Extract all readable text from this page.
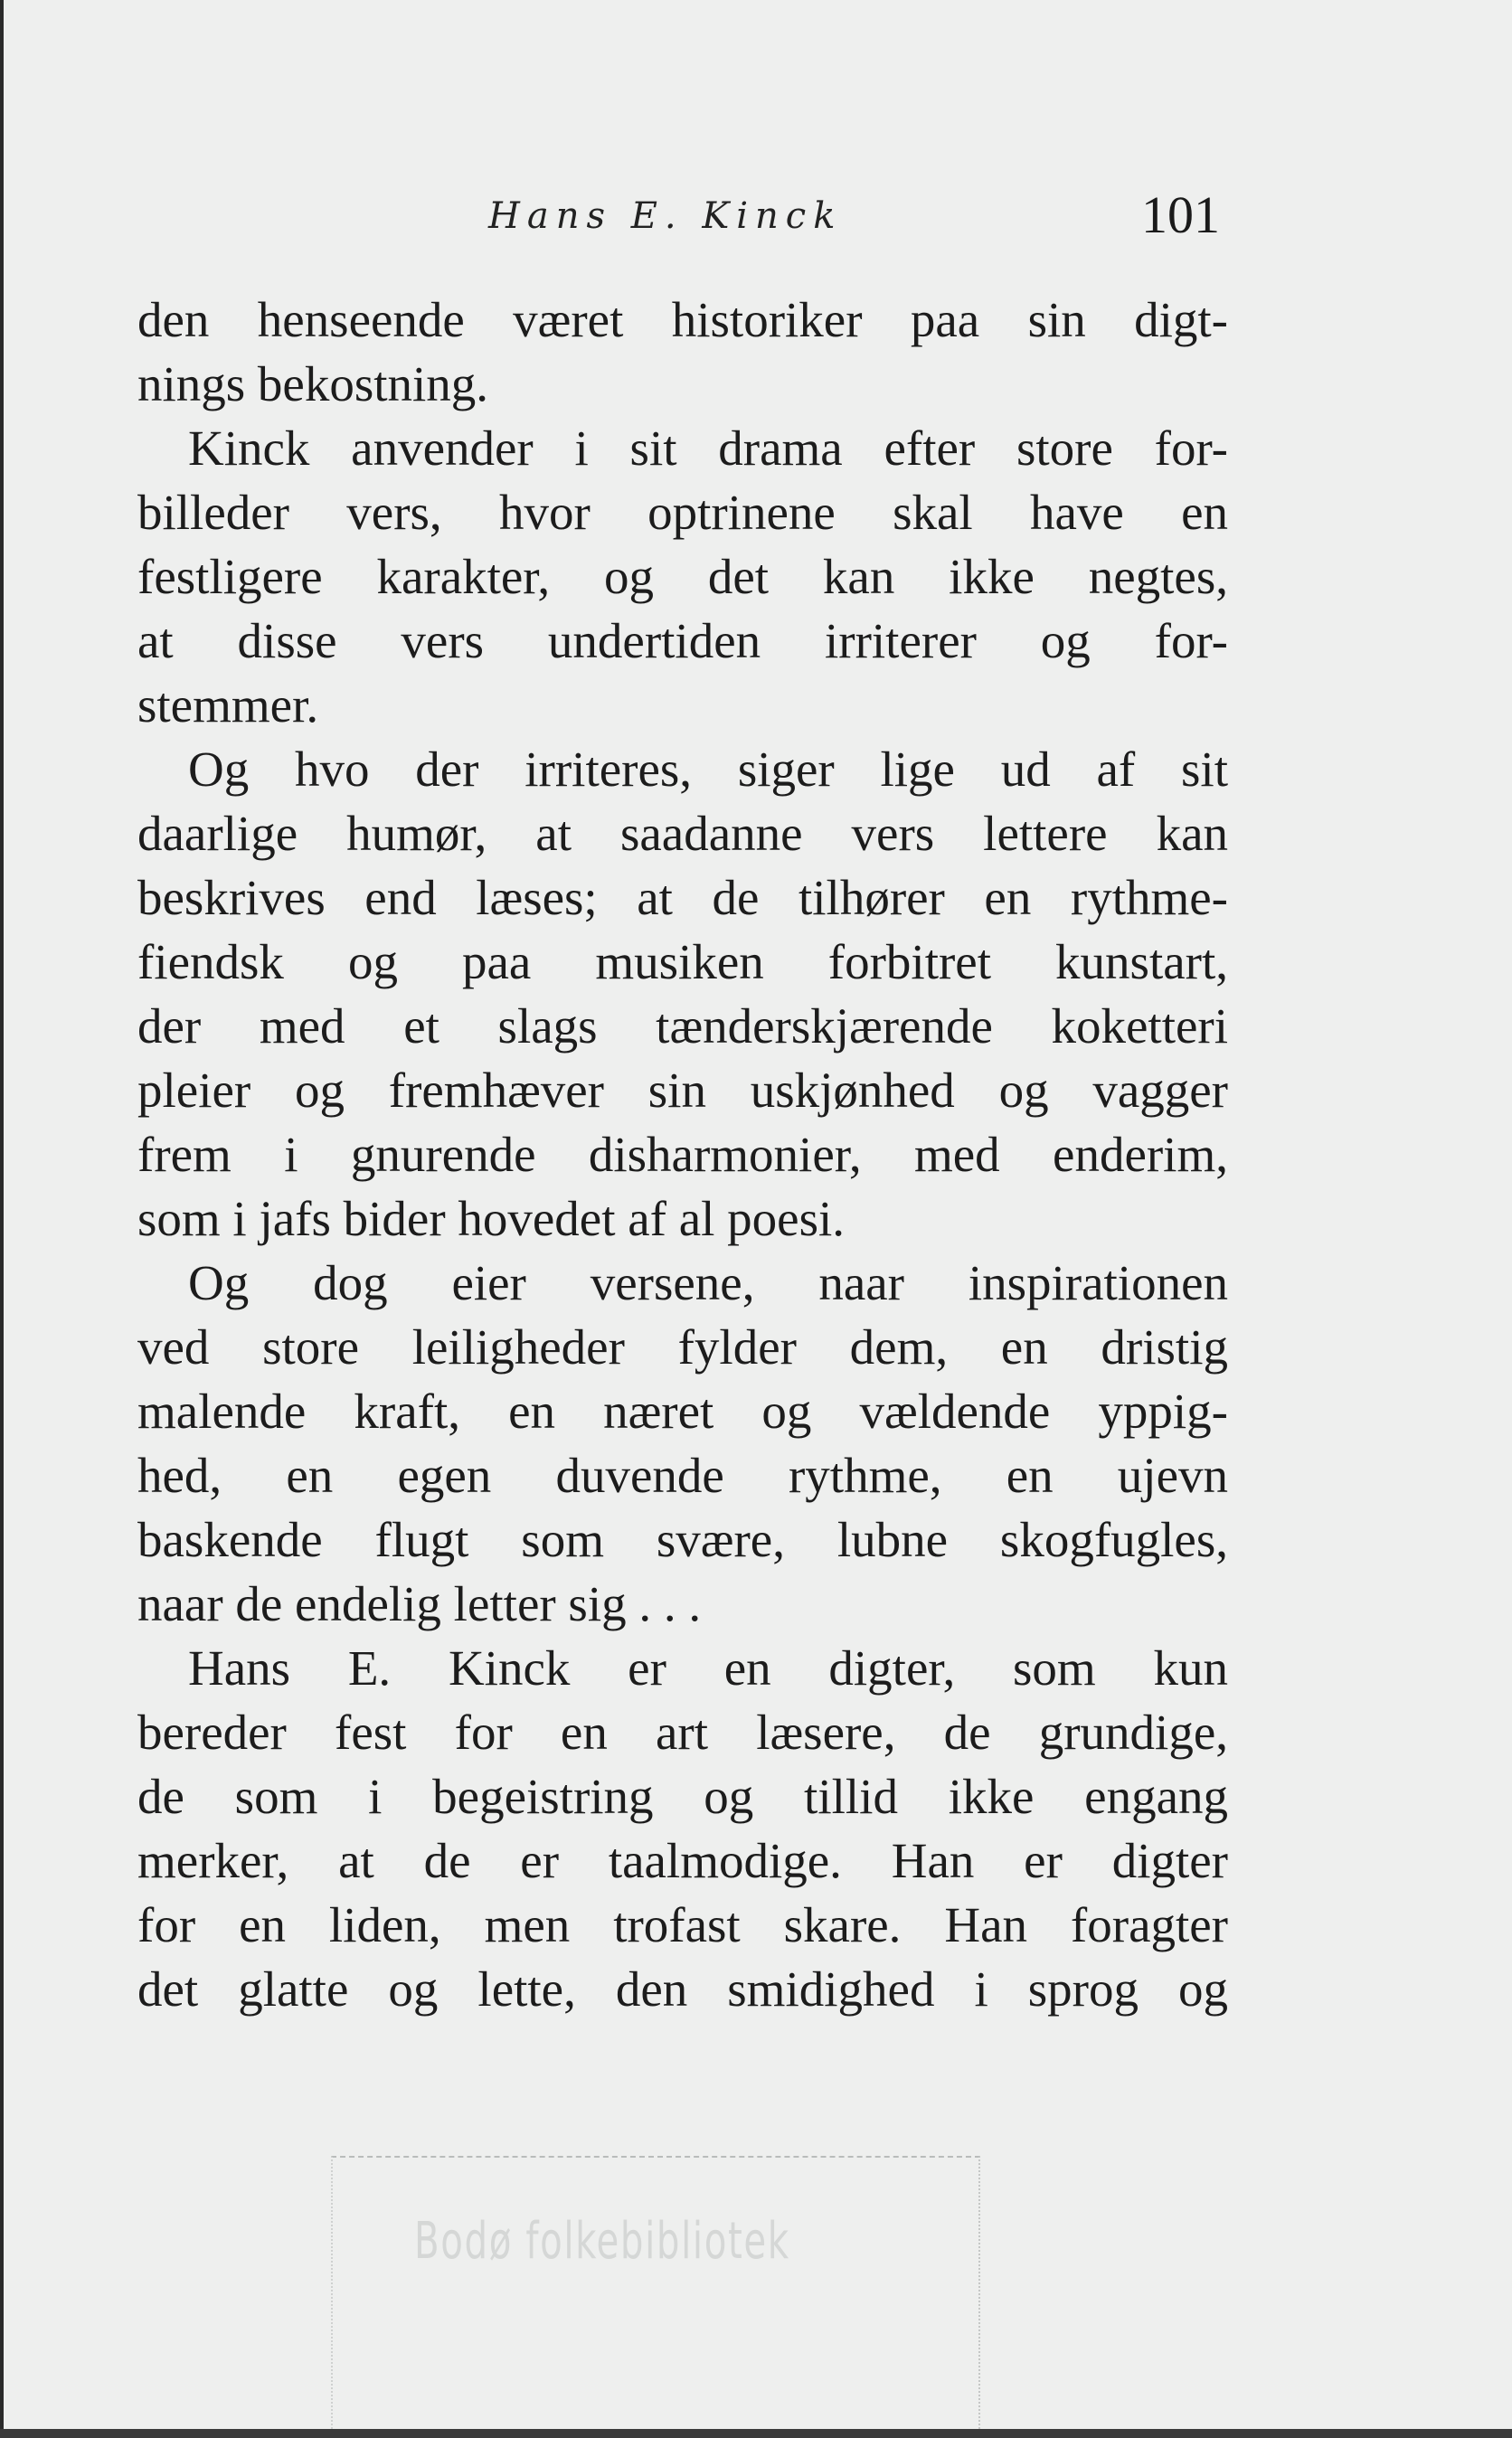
Hans E. Kinck	101
den henseende været historiker paa sin digt-
nings bekostning.
Kinck anvender i sit drama efter store for-
billeder vers, hvor optrinene skal have en
festligere karakter, og det kan ikke negtes,
at disse vers undertiden irriterer og for-
stemmer.
Og hvo der irriteres, siger lige ud af sit
daarlige humør, at saadanne vers lettere kan
beskrives end læses; at de tilhører en rythme-
fiendsk og paa musiken forbitret kunstart,
der med et slags tænderskjærende koketteri
pleier og fremhæver sin uskjønhed og vagger
frem i gnurende disharmonier, med enderim,
som i jafs bider hovedet af al poesi.
Og dog eier versene, naar inspirationen
ved store leiligheder fylder dem, en dristig
malende kraft, en næret og vældende yppig-
hed, en egen duvende rythme, en ujevn
baskende flugt som svære, lubne skogfugles,
naar de endelig letter sig . . .
Hans E. Kinck er en digter, som kun
bereder fest for en art læsere, de grundige,
de som i begeistring og tillid ikke engang
merker, at de er taalmodige. Han er digter
for en liden, men trofast skare. Han foragter
det glatte og lette, den smidighed i sprog og
Bodø folkebibliotek
